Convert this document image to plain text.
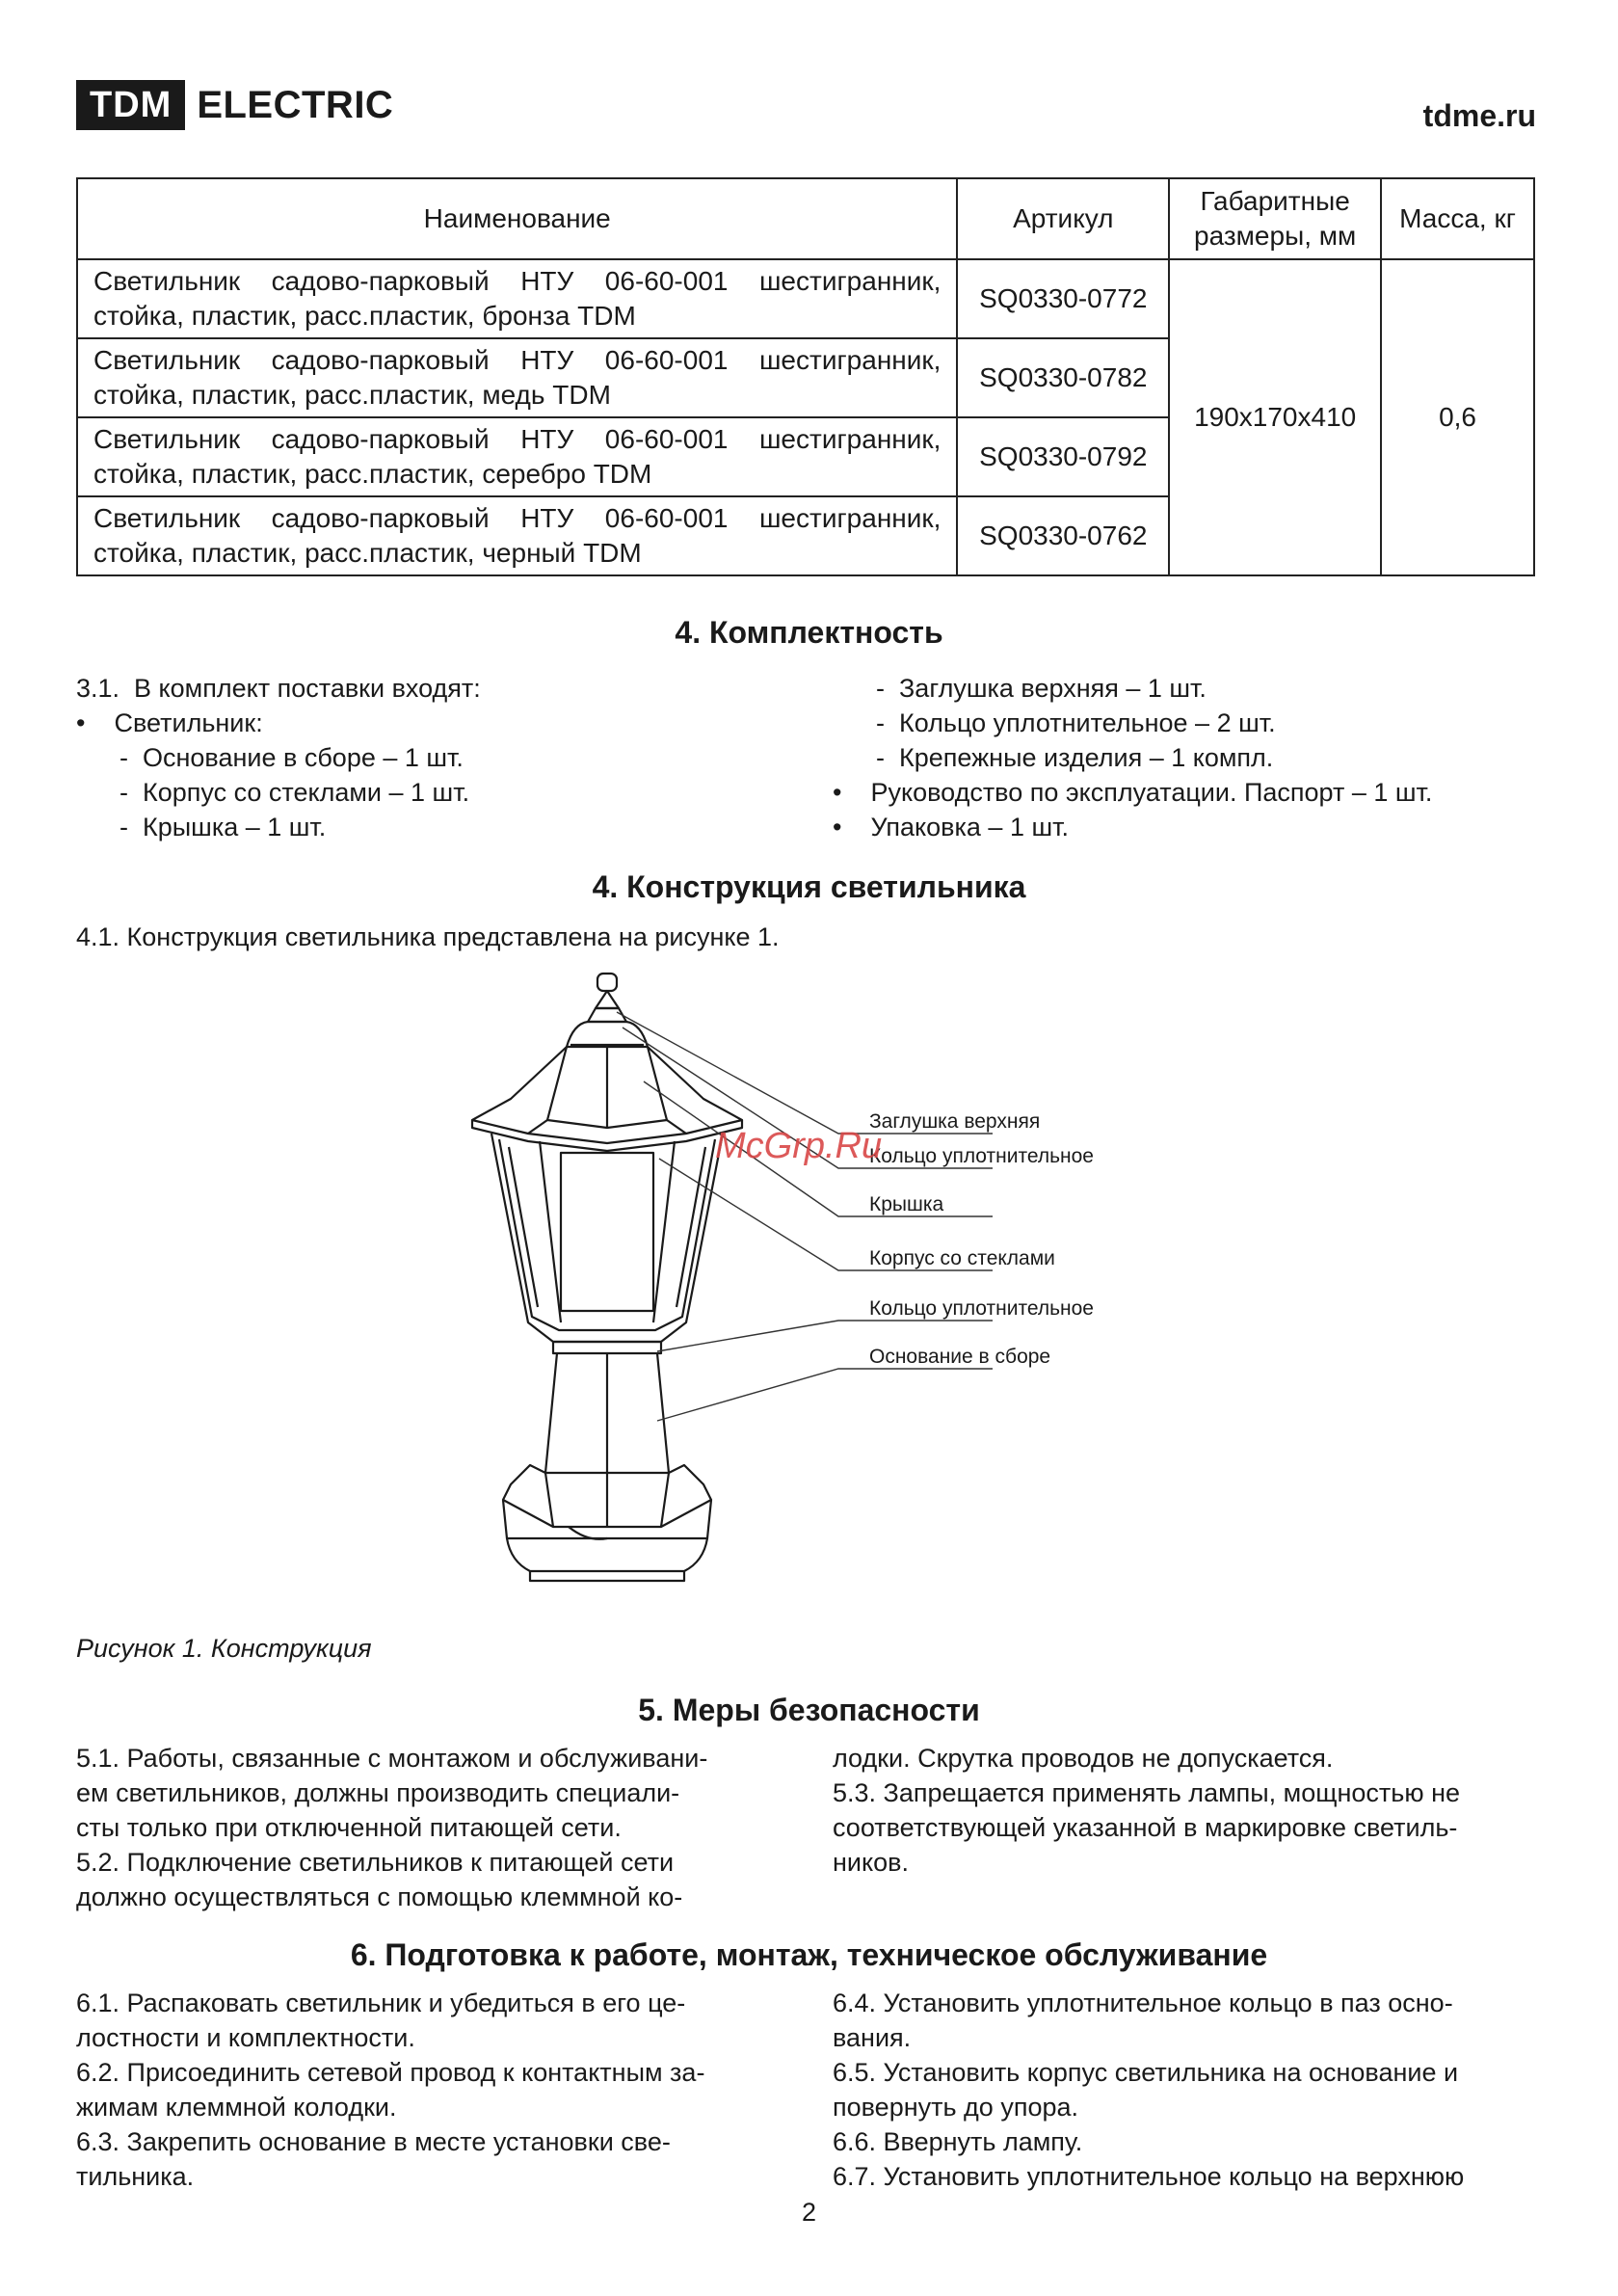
TDM ELECTRIC	tdme.ru
Наименование	Артикул	Габаритные размеры, мм	Масса, кг
Светильник садово-парковый НТУ 06-60-001 шестигранник, стойка, пластик, расс.пластик, бронза TDM	SQ0330-0772	190x170x410	0,6
Светильник садово-парковый НТУ 06-60-001 шестигранник, стойка, пластик, расс.пластик, медь TDM	SQ0330-0782		
Светильник садово-парковый НТУ 06-60-001 шестигранник, стойка, пластик, расс.пластик, серебро TDM	SQ0330-0792		
Светильник садово-парковый НТУ 06-60-001 шестигранник, стойка, пластик, расс.пластик, черный TDM	SQ0330-0762		
4. Комплектность
3.1.  В комплект поставки входят:
•    Светильник:
-  Основание в сборе – 1 шт.
-  Корпус со стеклами – 1 шт.
-  Крышка – 1 шт.
-  Заглушка верхняя – 1 шт.
-  Кольцо уплотнительное – 2 шт.
-  Крепежные изделия – 1 компл.
•    Руководство по эксплуатации. Паспорт – 1 шт.
•    Упаковка – 1 шт.
4. Конструкция светильника
4.1. Конструкция светильника представлена на рисунке 1.
Заглушка верхняя
Кольцо уплотнительное
Крышка
Корпус со стеклами
Кольцо уплотнительное
Основание в сборе
McGrp.Ru
Рисунок 1. Конструкция
5. Меры безопасности
5.1. Работы, связанные с монтажом и обслуживани-
ем светильников, должны производить специали-
сты только при отключенной питающей сети.
5.2. Подключение светильников к питающей сети
должно осуществляться с помощью клеммной ко-
лодки. Скрутка проводов не допускается.
5.3. Запрещается применять лампы, мощностью не
соответствующей указанной в маркировке светиль-
ников.
6. Подготовка к работе, монтаж, техническое обслуживание
6.1. Распаковать светильник и убедиться в его це-
лостности и комплектности.
6.2. Присоединить сетевой провод к контактным за-
жимам клеммной колодки.
6.3. Закрепить основание в месте установки све-
тильника.
6.4. Установить уплотнительное кольцо в паз осно-
вания.
6.5. Установить корпус светильника на основание и
повернуть до упора.
6.6. Ввернуть лампу.
6.7. Установить уплотнительное кольцо на верхнюю
2
